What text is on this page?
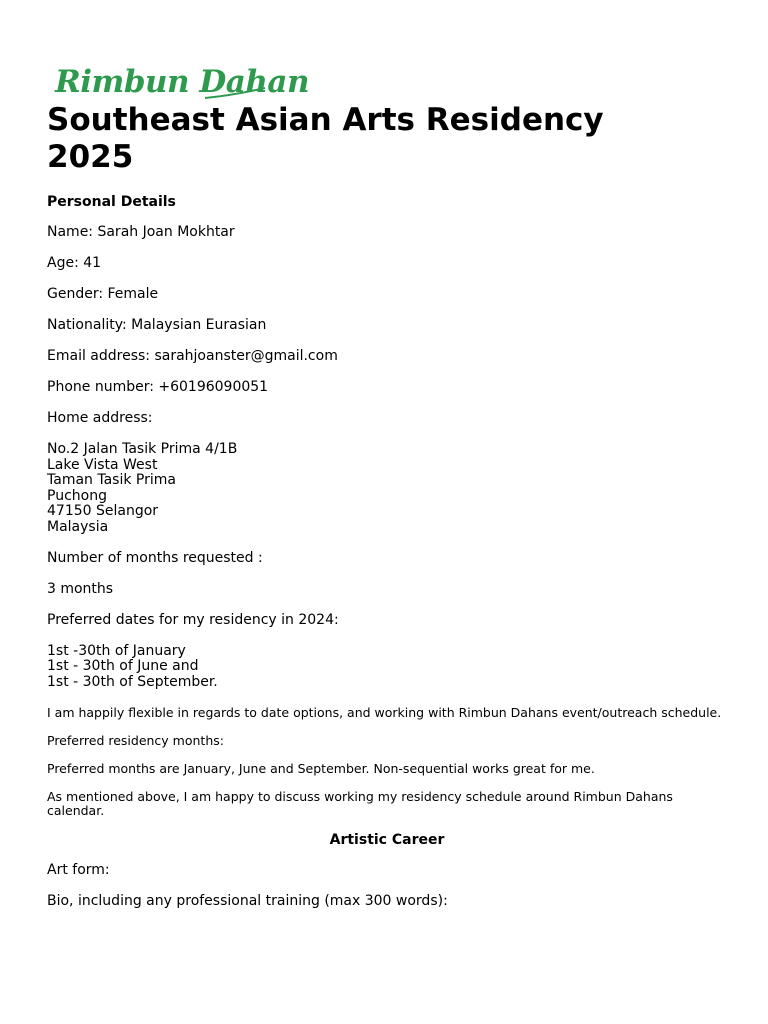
Rimbun Dahan
Southeast Asian Arts Residency
2025
Personal Details

Name: Sarah Joan Mokhtar

Age: 41

Gender: Female

Nationality: Malaysian Eurasian

Email address: sarahjoanster@gmail.com

Phone number: +60196090051

Home address:

No.2 Jalan Tasik Prima 4/1B
Lake Vista West
Taman Tasik Prima
Puchong
47150 Selangor
Malaysia

Number of months requested :

3 months

Preferred dates for my residency in 2024:

1st -30th of January
1st - 30th of June and
1st - 30th of September.

I am happily flexible in regards to date options, and working with Rimbun Dahans event/outreach schedule.

Preferred residency months:

Preferred months are January, June and September. Non-sequential works great for me.

As mentioned above, I am happy to discuss working my residency schedule around Rimbun Dahans calendar.

Artistic Career

Art form:

Bio, including any professional training (max 300 words):
